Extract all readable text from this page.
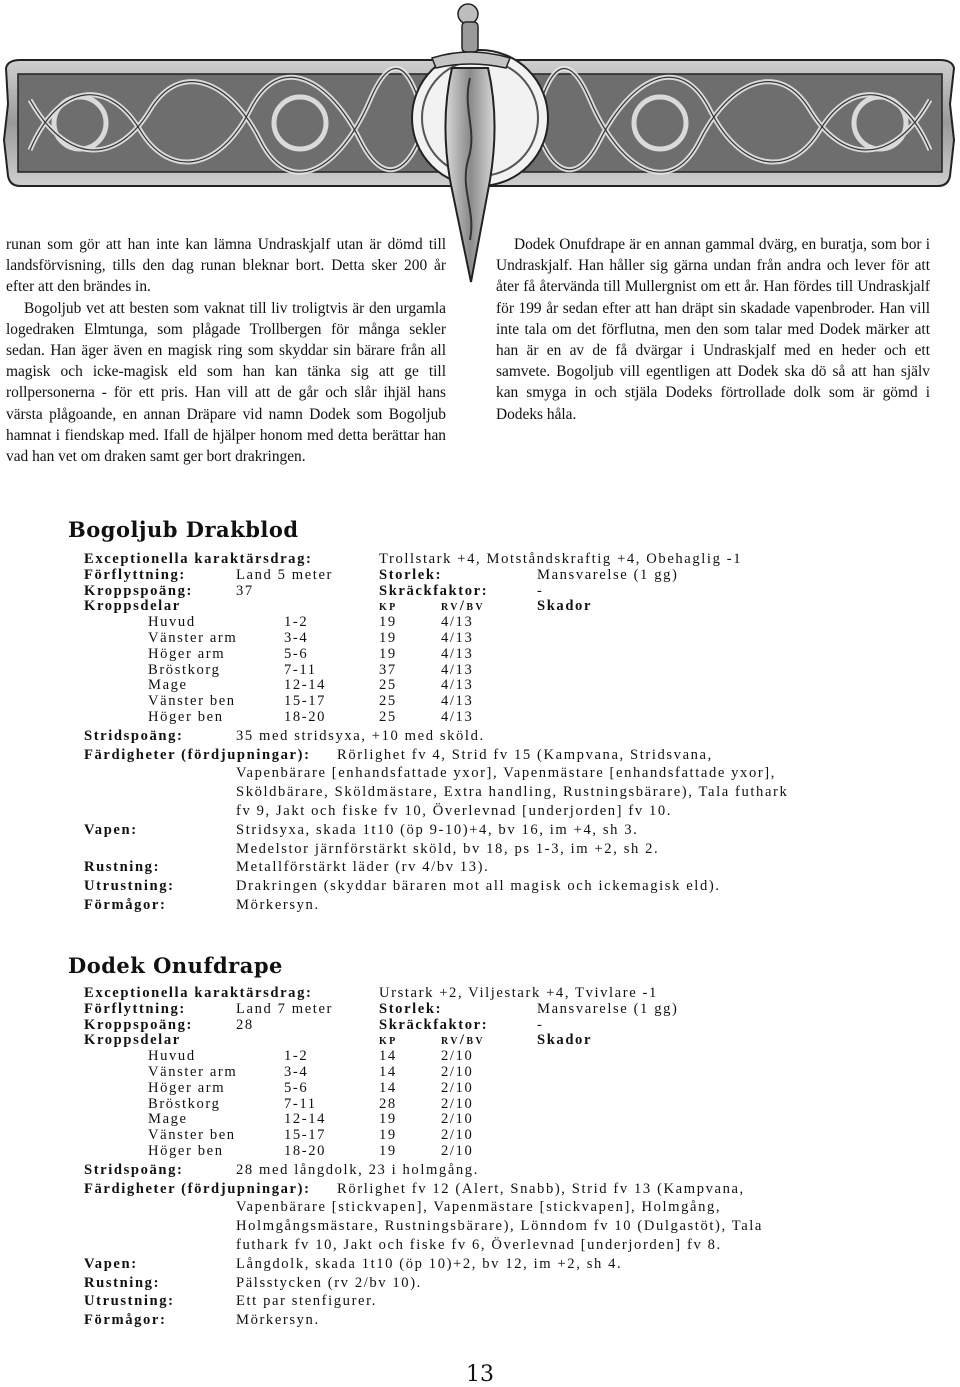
runan som gör att han inte kan lämna Undraskjalf utan är dömd till landsförvisning, tills den dag runan bleknar bort. Detta sker 200 år efter att den brändes in.

Bogoljub vet att besten som vaknat till liv troligtvis är den urgamla logedraken Elmtunga, som plågade Trollbergen för många sekler sedan. Han äger även en magisk ring som skyddar sin bärare från all magisk och icke-magisk eld som han kan tänka sig att ge till rollpersonerna - för ett pris. Han vill att de går och slår ihjäl hans värsta plågoande, en annan Dräpare vid namn Dodek som Bogoljub hamnat i fiendskap med. Ifall de hjälper honom med detta berättar han vad han vet om draken samt ger bort drakringen.

Dodek Onufdrape är en annan gammal dvärg, en buratja, som bor i Undraskjalf. Han håller sig gärna undan från andra och lever för att åter få återvända till Mullergnist om ett år. Han fördes till Undraskjalf för 199 år sedan efter att han dräpt sin skadade vapenbroder. Han vill inte tala om det förflutna, men den som talar med Dodek märker att han är en av de få dvärgar i Undraskjalf med en heder och ett samvete. Bogoljub vill egentligen att Dodek ska dö så att han själv kan smyga in och stjäla Dodeks förtrollade dolk som är gömd i Dodeks håla.

Bogoljub Drakblod
Exceptionella karaktärsdrag:	Trollstark +4, Motståndskraftig +4, Obehaglig -1
Förflyttning:	Land 5 meter	Storlek:	Mansvarelse (1 gg)
Kroppspoäng:	37	Skräckfaktor:	-
Kroppsdelar	kp	rv/bv	Skador
Huvud	1-2	19	4/13
Vänster arm	3-4	19	4/13
Höger arm	5-6	19	4/13
Bröstkorg	7-11	37	4/13
Mage	12-14	25	4/13
Vänster ben	15-17	25	4/13
Höger ben	18-20	25	4/13
Stridspoäng:	35 med stridsyxa, +10 med sköld.
Färdigheter (fördjupningar): Rörlighet fv 4, Strid fv 15 (Kampvana, Stridsvana,
Vapenbärare [enhandsfattade yxor], Vapenmästare [enhandsfattade yxor],
Sköldbärare, Sköldmästare, Extra handling, Rustningsbärare), Tala futhark
fv 9, Jakt och fiske fv 10, Överlevnad [underjorden] fv 10.
Vapen:	Stridsyxa, skada 1t10 (öp 9-10)+4, bv 16, im +4, sh 3.
Medelstor järnförstärkt sköld, bv 18, ps 1-3, im +2, sh 2.
Rustning:	Metallförstärkt läder (rv 4/bv 13).
Utrustning:	Drakringen (skyddar bäraren mot all magisk och ickemagisk eld).
Förmågor:	Mörkersyn.
Dodek Onufdrape
Exceptionella karaktärsdrag:	Urstark +2, Viljestark +4, Tvivlare -1
Förflyttning:	Land 7 meter	Storlek:	Mansvarelse (1 gg)
Kroppspoäng:	28	Skräckfaktor:	-
Kroppsdelar	kp	rv/bv	Skador
Huvud	1-2	14	2/10
Vänster arm	3-4	14	2/10
Höger arm	5-6	14	2/10
Bröstkorg	7-11	28	2/10
Mage	12-14	19	2/10
Vänster ben	15-17	19	2/10
Höger ben	18-20	19	2/10
Stridspoäng:	28 med långdolk, 23 i holmgång.
Färdigheter (fördjupningar): Rörlighet fv 12 (Alert, Snabb), Strid fv 13 (Kampvana,
Vapenbärare [stickvapen], Vapenmästare [stickvapen], Holmgång,
Holmgångsmästare, Rustningsbärare), Lönndom fv 10 (Dulgastöt), Tala
futhark fv 10, Jakt och fiske fv 6, Överlevnad [underjorden] fv 8.
Vapen:	Långdolk, skada 1t10 (öp 10)+2, bv 12, im +2, sh 4.
Rustning:	Pälsstycken (rv 2/bv 10).
Utrustning:	Ett par stenfigurer.
Förmågor:	Mörkersyn.
13
